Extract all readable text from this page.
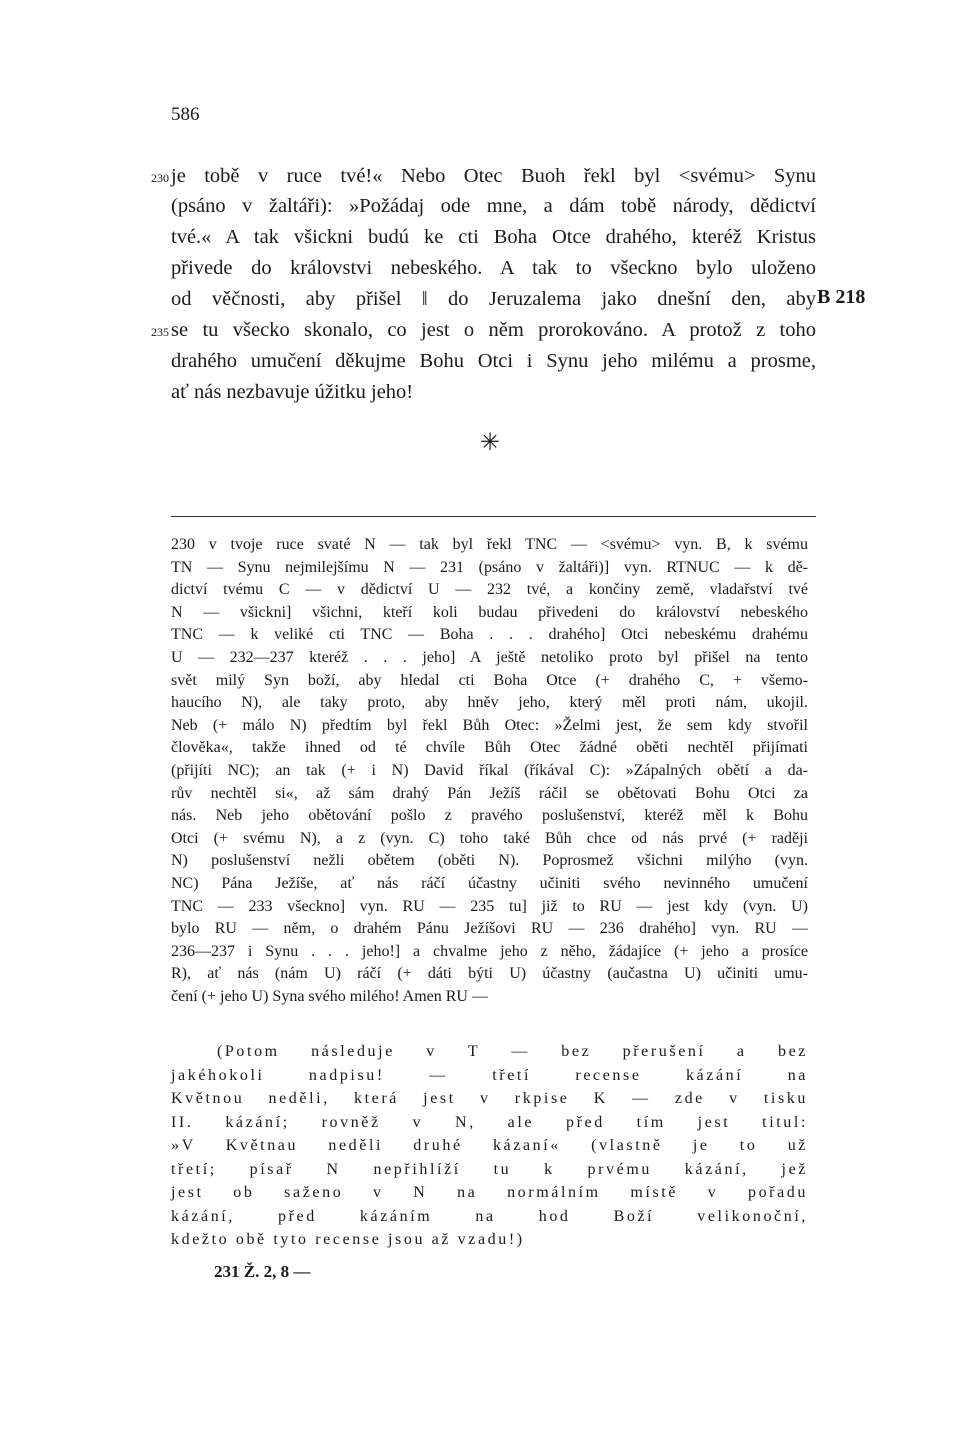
586
230 je tobě v ruce tvé!« Nebo Otec Buoh řekl byl <svému> Synu
(psáno v žaltáři): »Požádaj ode mne, a dám tobě národy, dědictví
tvé.« A tak všickni budú ke cti Boha Otce drahého, kteréž Kristus
přivede do královstvi nebeského. A tak to všeckno bylo uloženo
od věčnosti, aby přišel ‖ do Jeruzalema jako dnešní den, aby
235 se tu všecko skonalo, co jest o něm prorokováno. A protož z toho
drahého umučení děkujme Bohu Otci i Synu jeho milému a prosme,
ať nás nezbavuje úžitku jeho!
B 218
✳
230 v tvoje ruce svaté N — tak byl řekl TNC — <svému> vyn. B, k svému
TN — Synu nejmilejšímu N — 231 (psáno v žaltáři)] vyn. RTNUC — k dě-
dictví tvému C — v dědictví U — 232 tvé, a končiny země, vladařství tvé
N — všickni] všichni, kteří koli budau přivedeni do království nebeského
TNC — k veliké cti TNC — Boha . . . drahého] Otci nebeskému drahému
U — 232—237 kteréž . . . jeho] A ještě netoliko proto byl přišel na tento
svět milý Syn boží, aby hledal cti Boha Otce (+ drahého C, + všemo-
haucího N), ale taky proto, aby hněv jeho, který měl proti nám, ukojil.
Neb (+ málo N) předtím byl řekl Bůh Otec: »Želmi jest, že sem kdy stvořil
člověka«, takže ihned od té chvíle Bůh Otec žádné oběti nechtěl přijímati
(přijíti NC); an tak (+ i N) David říkal (říkával C): »Zápalných obětí a da-
rův nechtěl si«, až sám drahý Pán Ježíš ráčil se obětovati Bohu Otci za
nás. Neb jeho obětování pošlo z pravého poslušenství, kteréž měl k Bohu
Otci (+ svému N), a z (vyn. C) toho také Bůh chce od nás prvé (+ raději
N) poslušenství nežli obětem (oběti N). Poprosmež všichni milýho (vyn.
NC) Pána Ježíše, ať nás ráčí účastny učiniti svého nevinného umučení
TNC — 233 všeckno] vyn. RU — 235 tu] již to RU — jest kdy (vyn. U)
bylo RU — něm, o drahém Pánu Ježíšovi RU — 236 drahého] vyn. RU —
236—237 i Synu . . . jeho!] a chvalme jeho z něho, žádajíce (+ jeho a prosíce
R), ať nás (nám U) ráčí (+ dáti býti U) účastny (aučastna U) učiniti umu-
čení (+ jeho U) Syna svého milého! Amen RU —
(Potom následuje v T — bez přerušení a bez
jakéhokoli nadpisu! — třetí recense kázání na
Květnou neděli, která jest v rkpise K — zde v tisku
II. kázání; rovněž v N, ale před tím jest titul:
»V Květnau neděli druhé kázaní« (vlastně je to už
třetí; písař N nepřihlíží tu k prvému kázání, jež
jest ob saženo v N na normálním místě v pořadu
kázání, před kázáním na hod Boží velikonoční,
kdežto obě tyto recense jsou až vzadu!)
231 Ž. 2, 8 —
